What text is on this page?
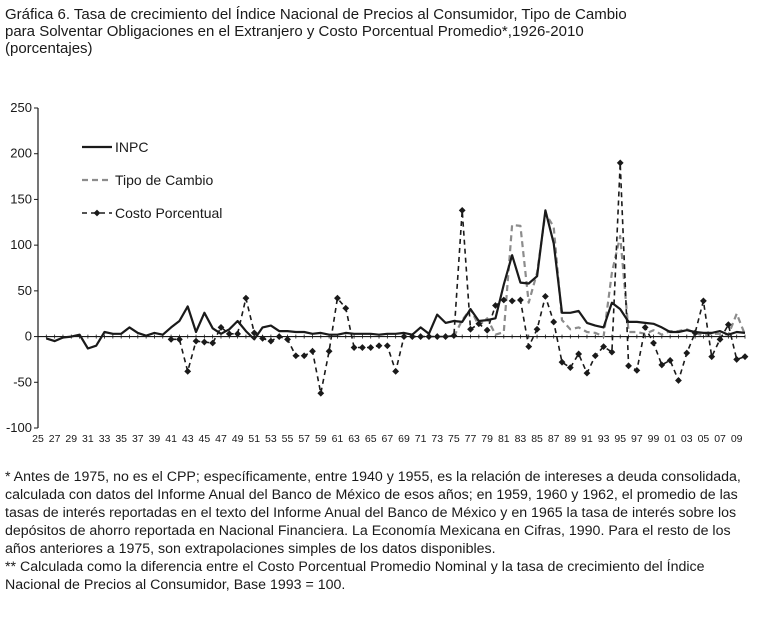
Gráfica 6. Tasa de crecimiento del Índice Nacional de Precios al Consumidor, Tipo de Cambio
para Solventar Obligaciones en el Extranjero y Costo Porcentual Promedio*,1926-2010
(porcentajes)
250
200
150
100
50
0
-50
-100
25 27 29 31 33 35 37 39 41 43 45 47 49 51 53 55 57 59 61 63 65 67 69 71 73 75 77 79 81 83 85 87 89 91 93 95 97 99 01 03 05 07 09
INPC
Tipo de Cambio
Costo Porcentual

* Antes de 1975, no es el CPP; específicamente, entre 1940 y 1955, es la relación de intereses a deuda consolidada, calculada con datos del Informe Anual del Banco de México de esos años; en 1959, 1960 y 1962, el promedio de las tasas de interés reportadas en el texto del Informe Anual del Banco de México y en 1965 la tasa de interés sobre los depósitos de ahorro reportada en Nacional Financiera. La Economía Mexicana en Cifras, 1990. Para el resto de los años anteriores a 1975, son extrapolaciones simples de los datos disponibles.

** Calculada como la diferencia entre el Costo Porcentual Promedio Nominal y la tasa de crecimiento del Índice Nacional de Precios al Consumidor, Base 1993 = 100.
